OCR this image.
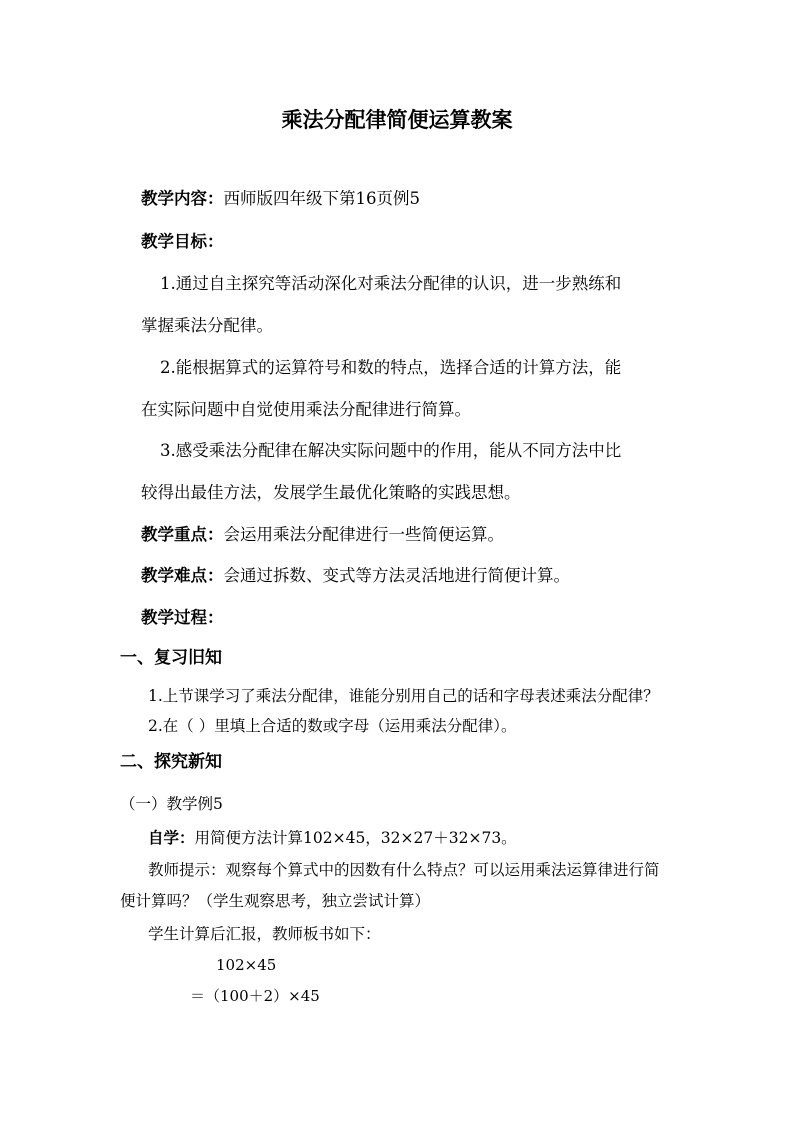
乘法分配律简便运算教案
教学内容：西师版四年级下第16页例5
教学目标：
1.通过自主探究等活动深化对乘法分配律的认识，进一步熟练和
掌握乘法分配律。
2.能根据算式的运算符号和数的特点，选择合适的计算方法，能
在实际问题中自觉使用乘法分配律进行简算。
3.感受乘法分配律在解决实际问题中的作用，能从不同方法中比
较得出最佳方法，发展学生最优化策略的实践思想。
教学重点：会运用乘法分配律进行一些简便运算。
教学难点：会通过拆数、变式等方法灵活地进行简便计算。
教学过程：
一、复习旧知
1.上节课学习了乘法分配律，谁能分别用自己的话和字母表述乘法分配律？
2.在（ ）里填上合适的数或字母（运用乘法分配律）。
二、探究新知
（一）教学例5
自学：用简便方法计算102×45，32×27＋32×73。
教师提示：观察每个算式中的因数有什么特点？可以运用乘法运算律进行简
便计算吗？（学生观察思考，独立尝试计算）
学生计算后汇报，教师板书如下：
102×45
＝（100＋2）×45
